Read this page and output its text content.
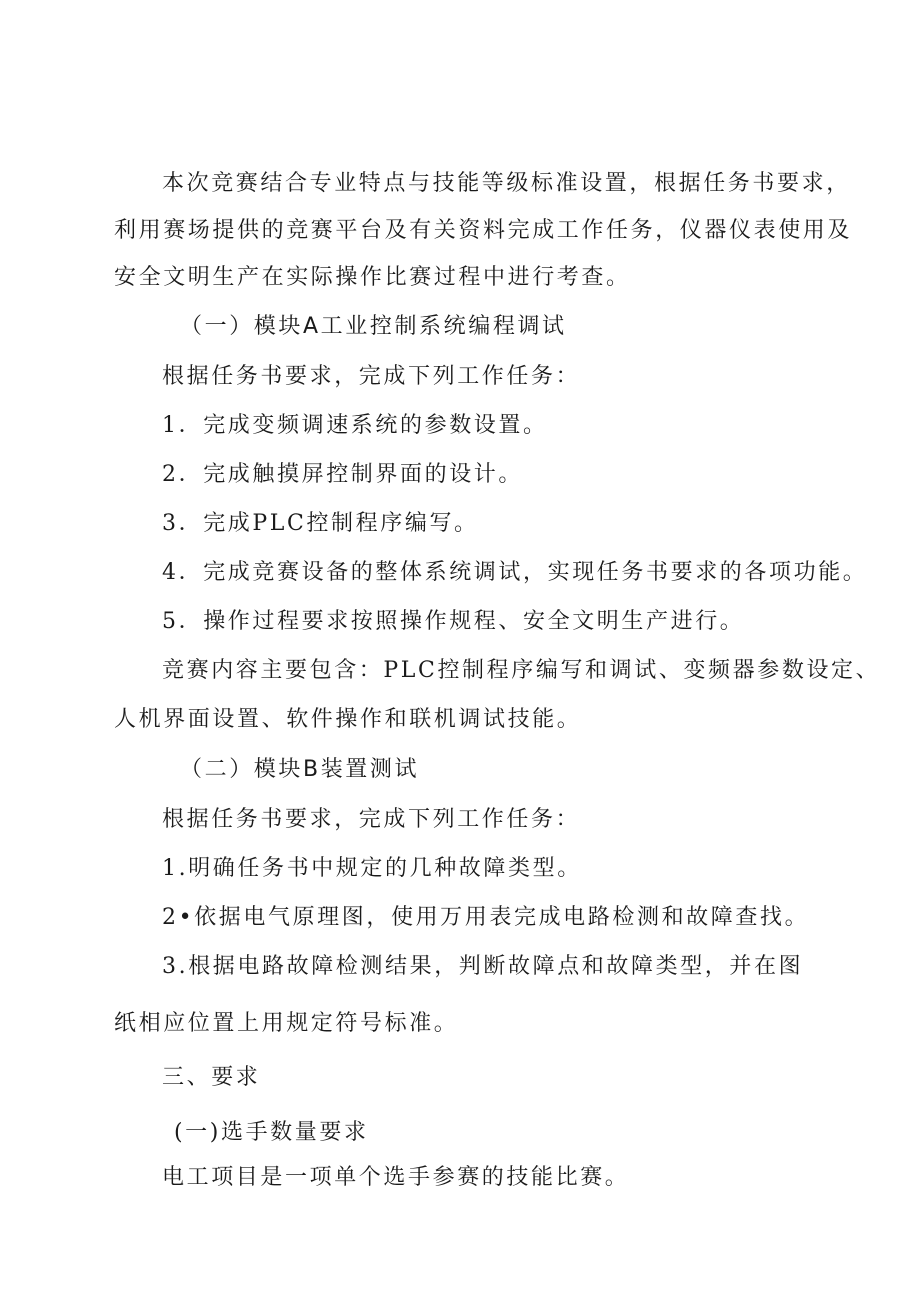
本次竞赛结合专业特点与技能等级标准设置，根据任务书要求，
利用赛场提供的竞赛平台及有关资料完成工作任务，仪器仪表使用及
安全文明生产在实际操作比赛过程中进行考查。
（一）模块A工业控制系统编程调试
根据任务书要求，完成下列工作任务：
1．完成变频调速系统的参数设置。
2．完成触摸屏控制界面的设计。
3．完成PLC控制程序编写。
4．完成竞赛设备的整体系统调试，实现任务书要求的各项功能。
5．操作过程要求按照操作规程、安全文明生产进行。
竞赛内容主要包含：PLC控制程序编写和调试、变频器参数设定、
人机界面设置、软件操作和联机调试技能。
（二）模块B装置测试
根据任务书要求，完成下列工作任务：
1.明确任务书中规定的几种故障类型。
2•依据电气原理图，使用万用表完成电路检测和故障查找。
3.根据电路故障检测结果，判断故障点和故障类型，并在图
纸相应位置上用规定符号标准。
三、要求
(一)选手数量要求
电工项目是一项单个选手参赛的技能比赛。
